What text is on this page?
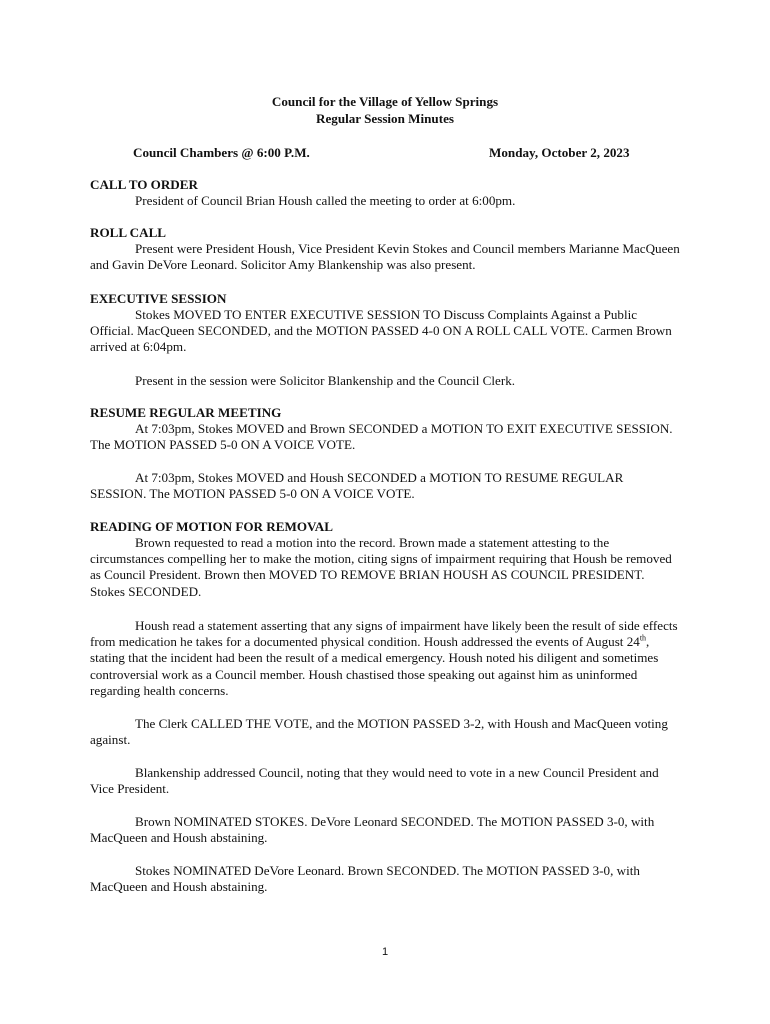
Council for the Village of Yellow Springs
Regular Session Minutes
Council Chambers @ 6:00 P.M.	Monday, October 2, 2023
CALL TO ORDER

President of Council Brian Housh called the meeting to order at 6:00pm.

ROLL CALL

Present were President Housh, Vice President Kevin Stokes and Council members Marianne MacQueen and Gavin DeVore Leonard. Solicitor Amy Blankenship was also present.

EXECUTIVE SESSION

Stokes MOVED TO ENTER EXECUTIVE SESSION TO Discuss Complaints Against a Public Official. MacQueen SECONDED, and the MOTION PASSED 4-0 ON A ROLL CALL VOTE. Carmen Brown arrived at 6:04pm.

Present in the session were Solicitor Blankenship and the Council Clerk.

RESUME REGULAR MEETING

At 7:03pm, Stokes MOVED and Brown SECONDED a MOTION TO EXIT EXECUTIVE SESSION. The MOTION PASSED 5-0 ON A VOICE VOTE.

At 7:03pm, Stokes MOVED and Housh SECONDED a MOTION TO RESUME REGULAR SESSION. The MOTION PASSED 5-0 ON A VOICE VOTE.

READING OF MOTION FOR REMOVAL

Brown requested to read a motion into the record. Brown made a statement attesting to the circumstances compelling her to make the motion, citing signs of impairment requiring that Housh be removed as Council President. Brown then MOVED TO REMOVE BRIAN HOUSH AS COUNCIL PRESIDENT. Stokes SECONDED.

Housh read a statement asserting that any signs of impairment have likely been the result of side effects from medication he takes for a documented physical condition. Housh addressed the events of August 24th, stating that the incident had been the result of a medical emergency. Housh noted his diligent and sometimes controversial work as a Council member. Housh chastised those speaking out against him as uninformed regarding health concerns.

The Clerk CALLED THE VOTE, and the MOTION PASSED 3-2, with Housh and MacQueen voting against.

Blankenship addressed Council, noting that they would need to vote in a new Council President and Vice President.

Brown NOMINATED STOKES. DeVore Leonard SECONDED. The MOTION PASSED 3-0, with MacQueen and Housh abstaining.

Stokes NOMINATED DeVore Leonard. Brown SECONDED. The MOTION PASSED 3-0, with MacQueen and Housh abstaining.

1
